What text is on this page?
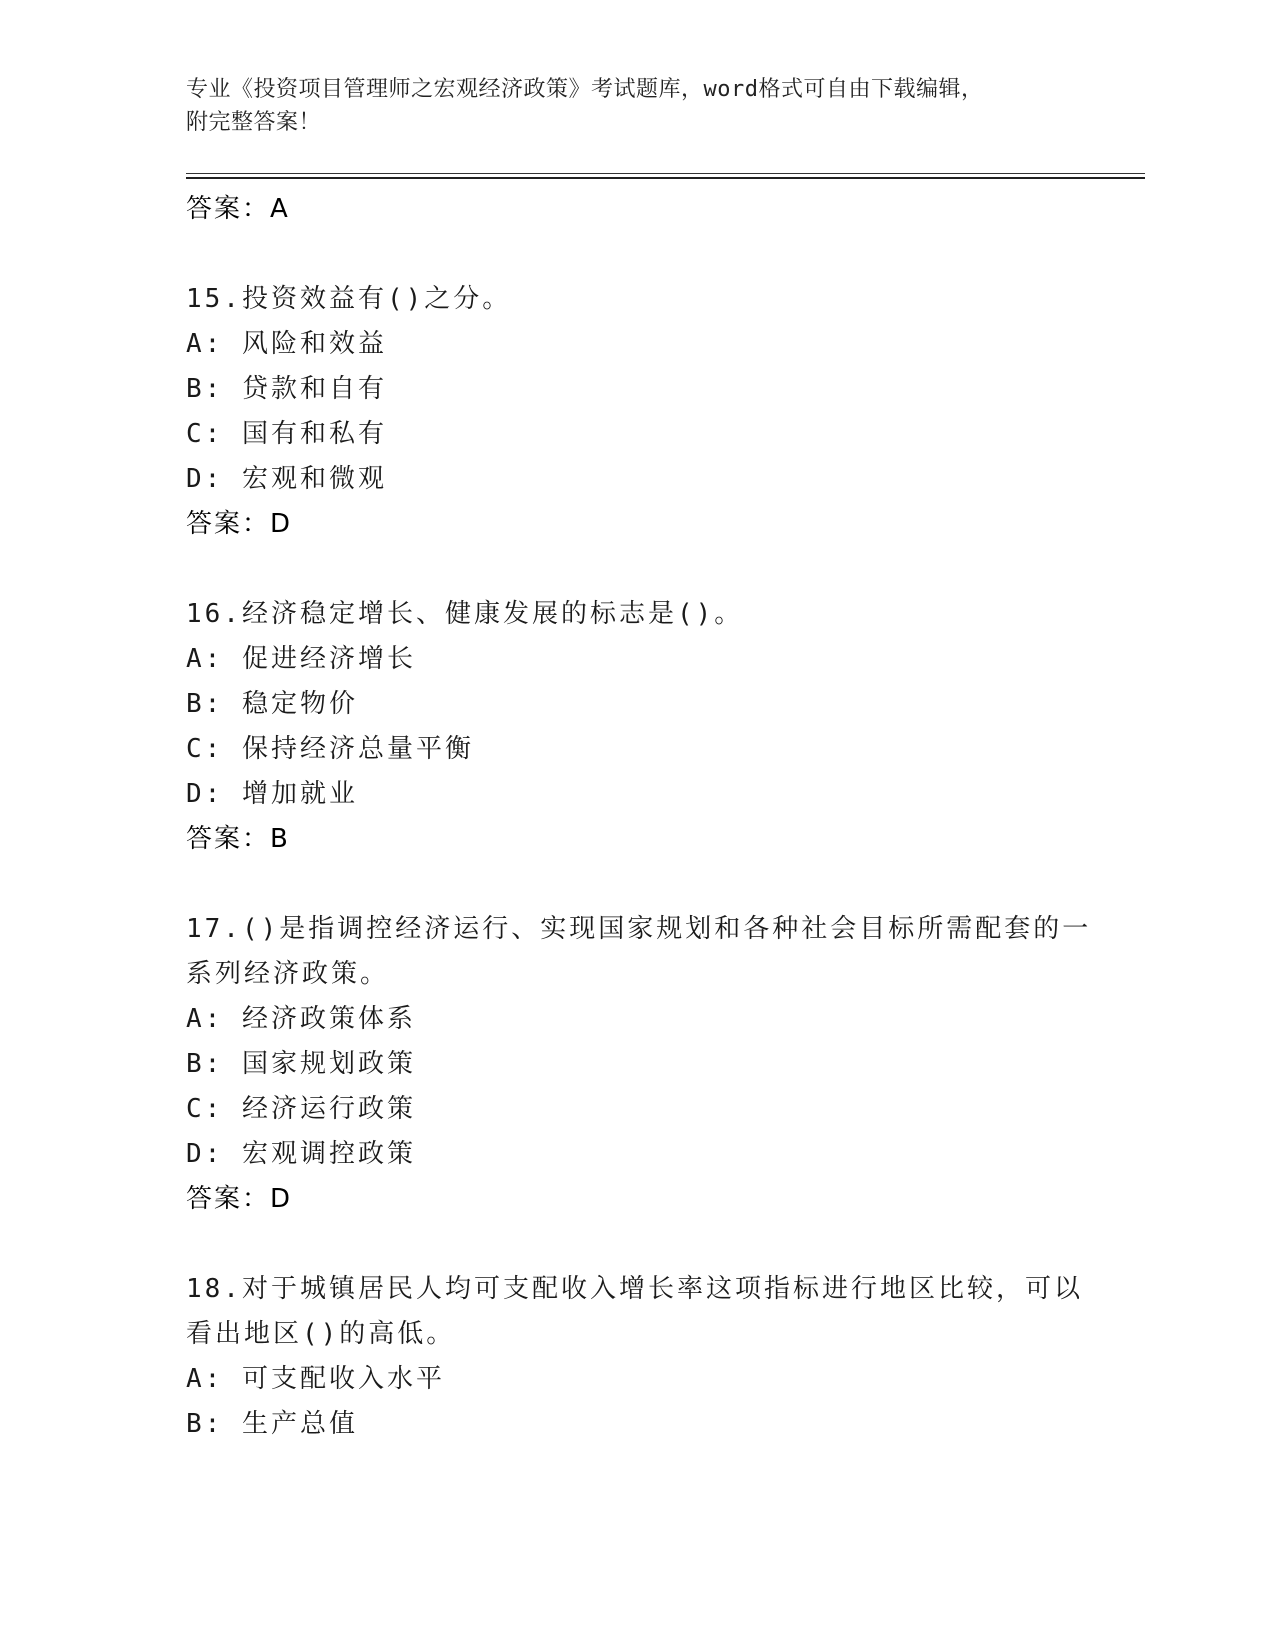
专业《投资项目管理师之宏观经济政策》考试题库，word格式可自由下载编辑，
附完整答案！
答案：A
15.投资效益有()之分。
A: 风险和效益
B: 贷款和自有
C: 国有和私有
D: 宏观和微观
答案：D
16.经济稳定增长、健康发展的标志是()。
A: 促进经济增长
B: 稳定物价
C: 保持经济总量平衡
D: 增加就业
答案：B
17.()是指调控经济运行、实现国家规划和各种社会目标所需配套的一
系列经济政策。
A: 经济政策体系
B: 国家规划政策
C: 经济运行政策
D: 宏观调控政策
答案：D
18.对于城镇居民人均可支配收入增长率这项指标进行地区比较，可以
看出地区()的高低。
A: 可支配收入水平
B: 生产总值
